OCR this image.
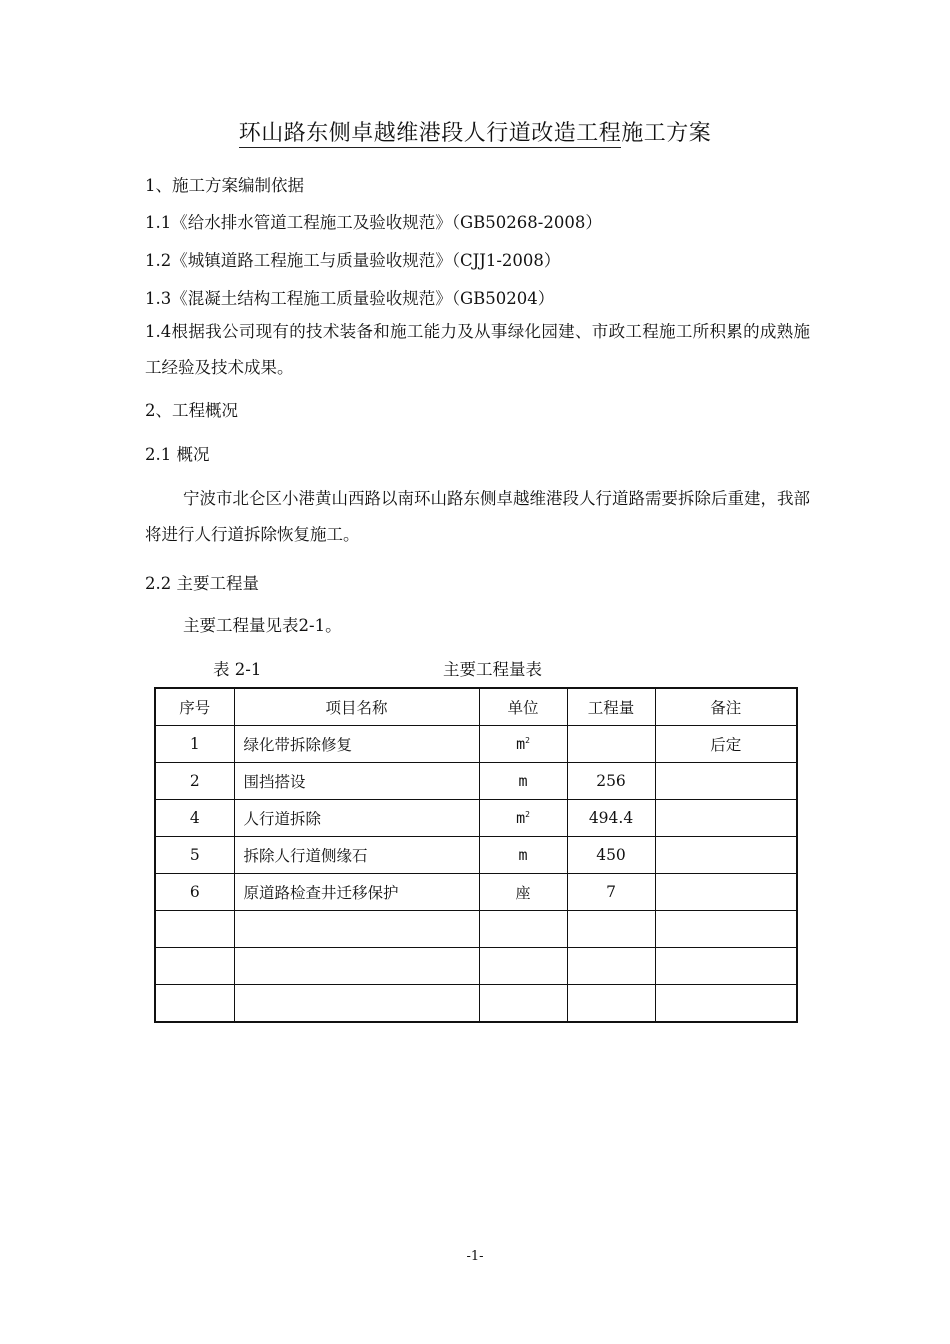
环山路东侧卓越维港段人行道改造工程施工方案
1、施工方案编制依据
1.1《给水排水管道工程施工及验收规范》（GB50268-2008）
1.2《城镇道路工程施工与质量验收规范》（CJJ1-2008）
1.3《混凝土结构工程施工质量验收规范》（GB50204）
1.4根据我公司现有的技术装备和施工能力及从事绿化园建、市政工程施工所积累的成熟施工经验及技术成果。
2、工程概况
2.1 概况
宁波市北仑区小港黄山西路以南环山路东侧卓越维港段人行道路需要拆除后重建，我部将进行人行道拆除恢复施工。
2.2 主要工程量
主要工程量见表2-1。
表 2-1	主要工程量表
序号	项目名称	单位	工程量	备注
1	绿化带拆除修复	$m^2$		后定
2	围挡搭设	m	256	
4	人行道拆除	$m^2$	494.4	
5	拆除人行道侧缘石	m	450	
6	原道路检查井迁移保护	座	7	

-1-
